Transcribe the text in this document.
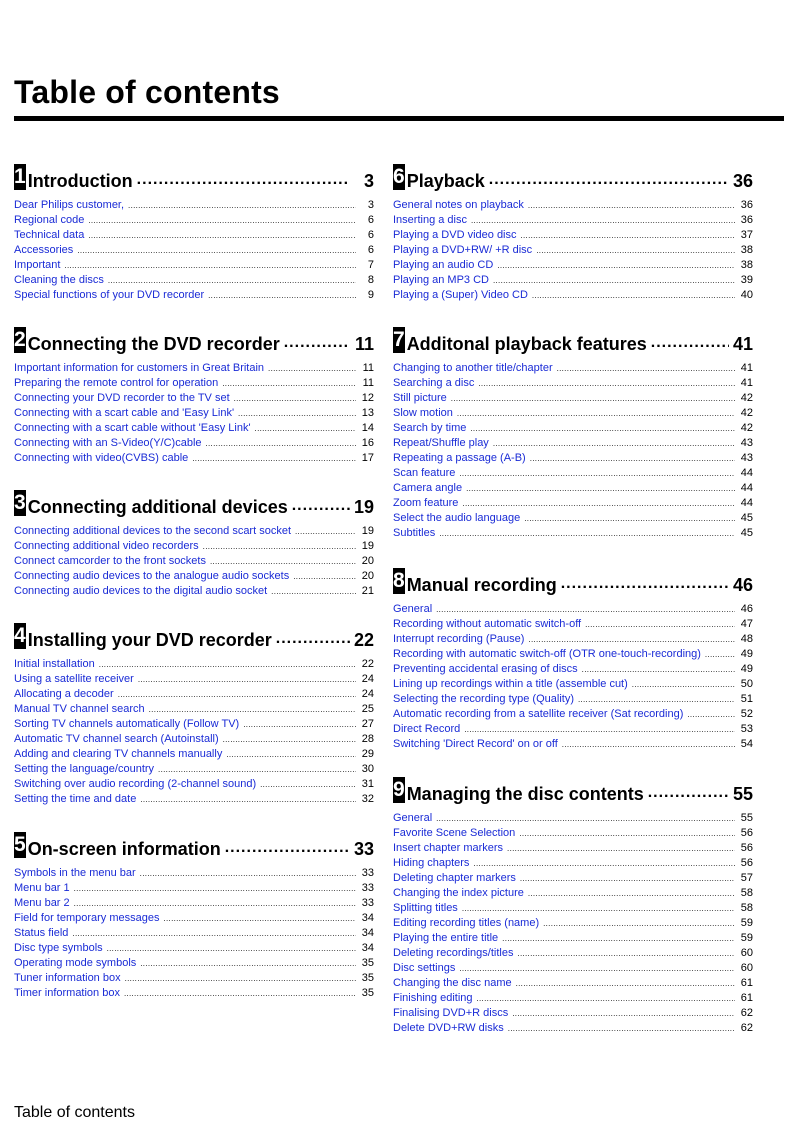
Table of contents
1 Introduction .....	3
Dear Philips customer, .....	3
Regional code .....	6
Technical data .....	6
Accessories .....	6
Important .....	7
Cleaning the discs .....	8
Special functions of your DVD recorder .....	9
2 Connecting the DVD recorder .....	11
Important information for customers in Great Britain .....	11
Preparing the remote control for operation .....	11
Connecting your DVD recorder to the TV set .....	12
Connecting with a scart cable and 'Easy Link' .....	13
Connecting with a scart cable without 'Easy Link' .....	14
Connecting with an S-Video(Y/C)cable .....	16
Connecting with video(CVBS) cable .....	17
3 Connecting additional devices .....	19
Connecting additional devices to the second scart socket .....	19
Connecting additional video recorders .....	19
Connect camcorder to the front sockets .....	20
Connecting audio devices to the analogue audio sockets .....	20
Connecting audio devices to the digital audio socket .....	21
4 Installing your DVD recorder .....	22
Initial installation .....	22
Using a satellite receiver .....	24
Allocating a decoder .....	24
Manual TV channel search .....	25
Sorting TV channels automatically (Follow TV) .....	27
Automatic TV channel search (Autoinstall) .....	28
Adding and clearing TV channels manually .....	29
Setting the language/country .....	30
Switching over audio recording (2-channel sound) .....	31
Setting the time and date .....	32
5 On-screen information .....	33
Symbols in the menu bar .....	33
Menu bar 1 .....	33
Menu bar 2 .....	33
Field for temporary messages .....	34
Status field .....	34
Disc type symbols .....	34
Operating mode symbols .....	35
Tuner information box .....	35
Timer information box .....	35
6 Playback .....	36
General notes on playback .....	36
Inserting a disc .....	36
Playing a DVD video disc .....	37
Playing a DVD+RW/ +R disc .....	38
Playing an audio CD .....	38
Playing an MP3 CD .....	39
Playing a (Super) Video CD .....	40
7 Additonal playback features .....	41
Changing to another title/chapter .....	41
Searching a disc .....	41
Still picture .....	42
Slow motion .....	42
Search by time .....	42
Repeat/Shuffle play .....	43
Repeating a passage (A-B) .....	43
Scan feature .....	44
Camera angle .....	44
Zoom feature .....	44
Select the audio language .....	45
Subtitles .....	45
8 Manual recording .....	46
General .....	46
Recording without automatic switch-off .....	47
Interrupt recording (Pause) .....	48
Recording with automatic switch-off (OTR one-touch-recording) .....	49
Preventing accidental erasing of discs .....	49
Lining up recordings within a title (assemble cut) .....	50
Selecting the recording type (Quality) .....	51
Automatic recording from a satellite receiver (Sat recording) .....	52
Direct Record .....	53
Switching 'Direct Record' on or off .....	54
9 Managing the disc contents .....	55
General .....	55
Favorite Scene Selection .....	56
Insert chapter markers .....	56
Hiding chapters .....	56
Deleting chapter markers .....	57
Changing the index picture .....	58
Splitting titles .....	58
Editing recording titles (name) .....	59
Playing the entire title .....	59
Deleting recordings/titles .....	60
Disc settings .....	60
Changing the disc name .....	61
Finishing editing .....	61
Finalising DVD+R discs .....	62
Delete DVD+RW disks .....	62
Table of contents
